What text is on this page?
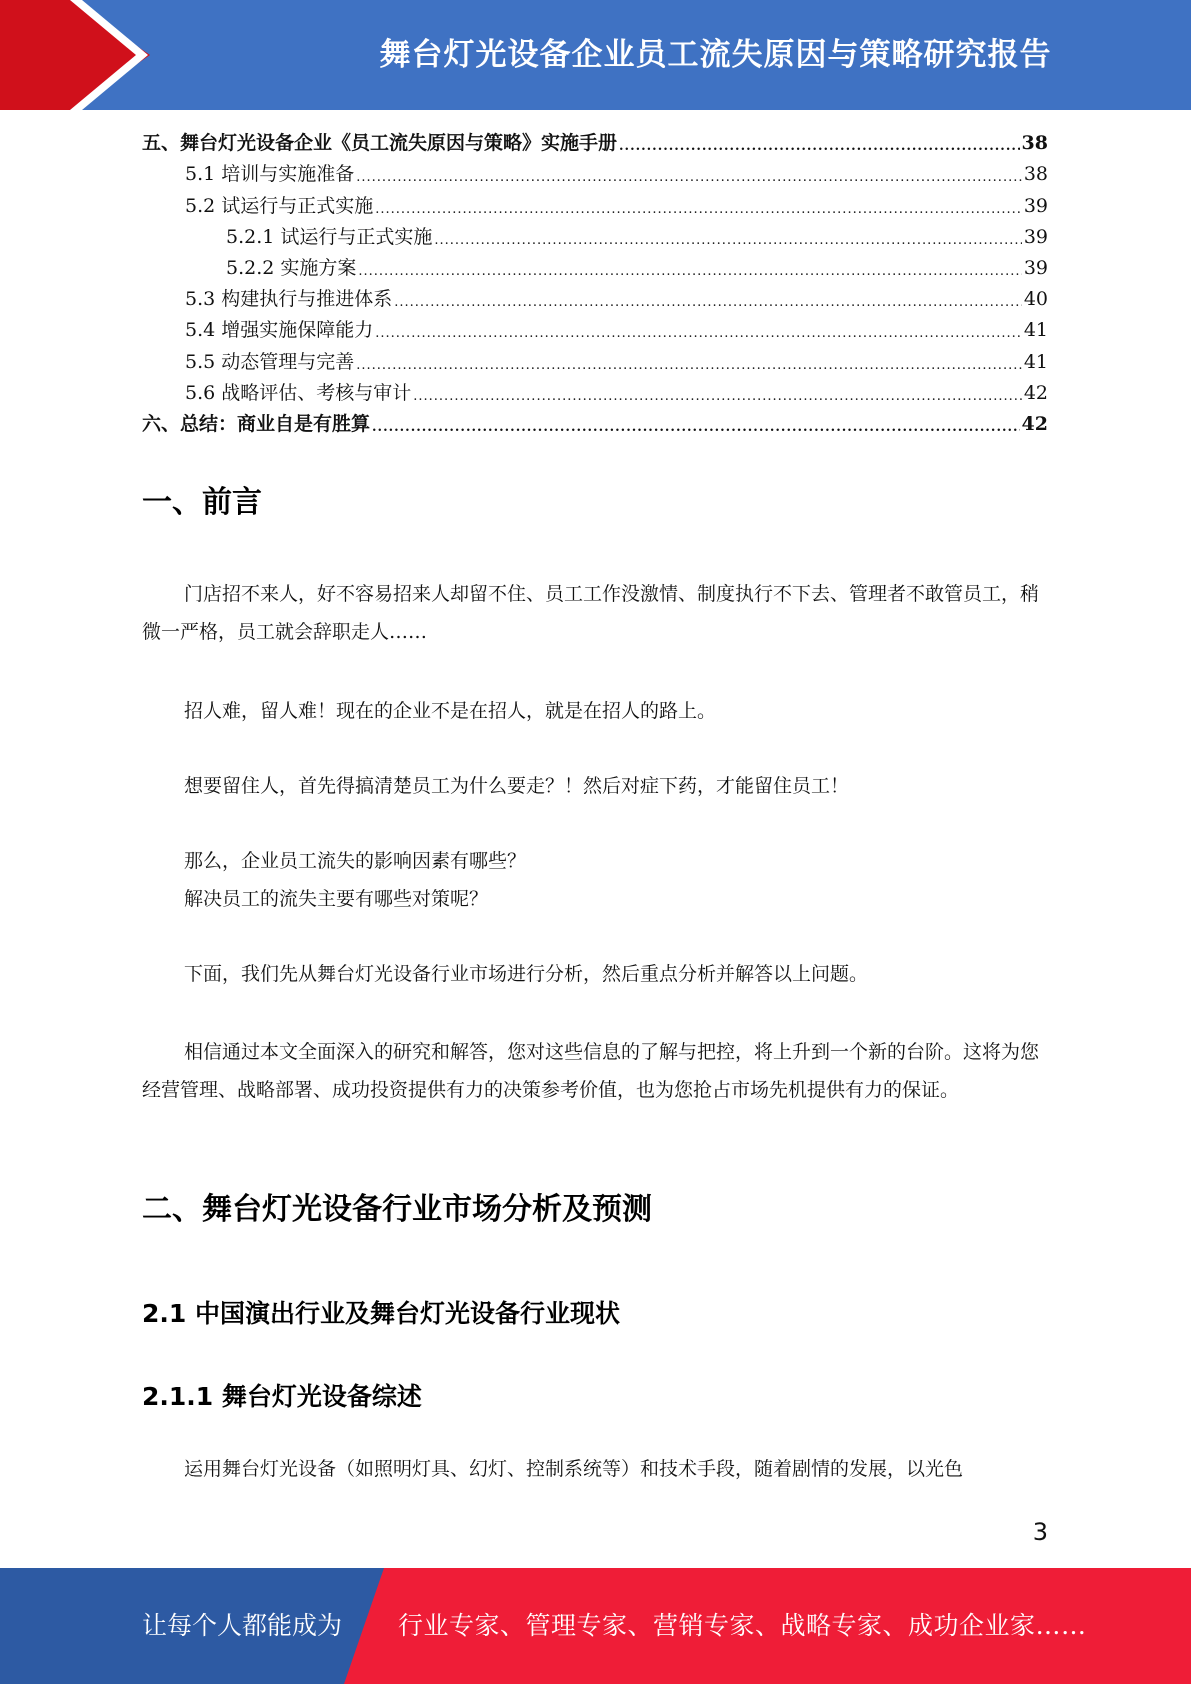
舞台灯光设备企业员工流失原因与策略研究报告
五、舞台灯光设备企业《员工流失原因与策略》实施手册 .....	38
5.1 培训与实施准备 .....	38
5.2 试运行与正式实施 .....	39
5.2.1 试运行与正式实施 .....	39
5.2.2 实施方案 .....	39
5.3 构建执行与推进体系 .....	40
5.4 增强实施保障能力 .....	41
5.5 动态管理与完善 .....	41
5.6 战略评估、考核与审计 .....	42
六、总结：商业自是有胜算 .....	42
一、前言

门店招不来人，好不容易招来人却留不住、员工工作没激情、制度执行不下去、管理者不敢管员工，稍微一严格，员工就会辞职走人……

招人难，留人难！现在的企业不是在招人，就是在招人的路上。

想要留住人，首先得搞清楚员工为什么要走？！然后对症下药，才能留住员工！

那么，企业员工流失的影响因素有哪些？

解决员工的流失主要有哪些对策呢？

下面，我们先从舞台灯光设备行业市场进行分析，然后重点分析并解答以上问题。

相信通过本文全面深入的研究和解答，您对这些信息的了解与把控，将上升到一个新的台阶。这将为您经营管理、战略部署、成功投资提供有力的决策参考价值，也为您抢占市场先机提供有力的保证。

二、舞台灯光设备行业市场分析及预测
2.1 中国演出行业及舞台灯光设备行业现状
2.1.1 舞台灯光设备综述

运用舞台灯光设备（如照明灯具、幻灯、控制系统等）和技术手段，随着剧情的发展，以光色

3
让每个人都能成为 行业专家、管理专家、营销专家、战略专家、成功企业家……
